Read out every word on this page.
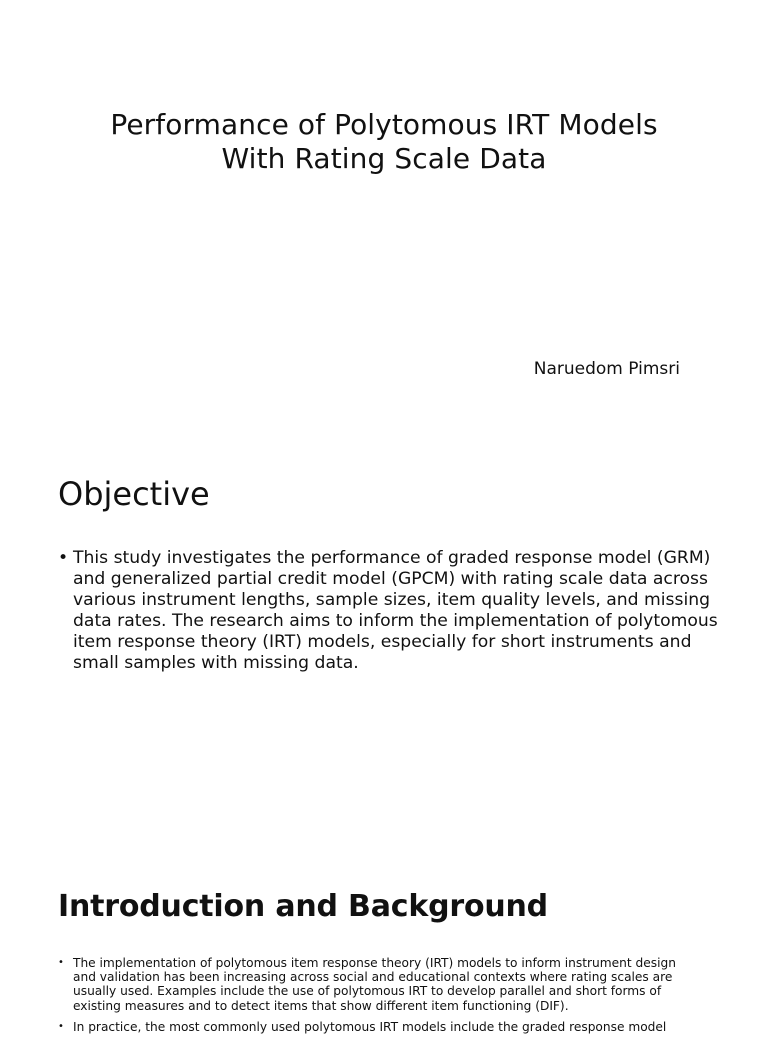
Performance of Polytomous IRT Models
With Rating Scale Data
Naruedom Pimsri
Objective
• This study investigates the performance of graded response model (GRM) and generalized partial credit model (GPCM) with rating scale data across various instrument lengths, sample sizes, item quality levels, and missing data rates. The research aims to inform the implementation of polytomous item response theory (IRT) models, especially for short instruments and small samples with missing data.
Introduction and Background
• The implementation of polytomous item response theory (IRT) models to inform instrument design and validation has been increasing across social and educational contexts where rating scales are usually used. Examples include the use of polytomous IRT to develop parallel and short forms of existing measures and to detect items that show different item functioning (DIF).
• In practice, the most commonly used polytomous IRT models include the graded response model
